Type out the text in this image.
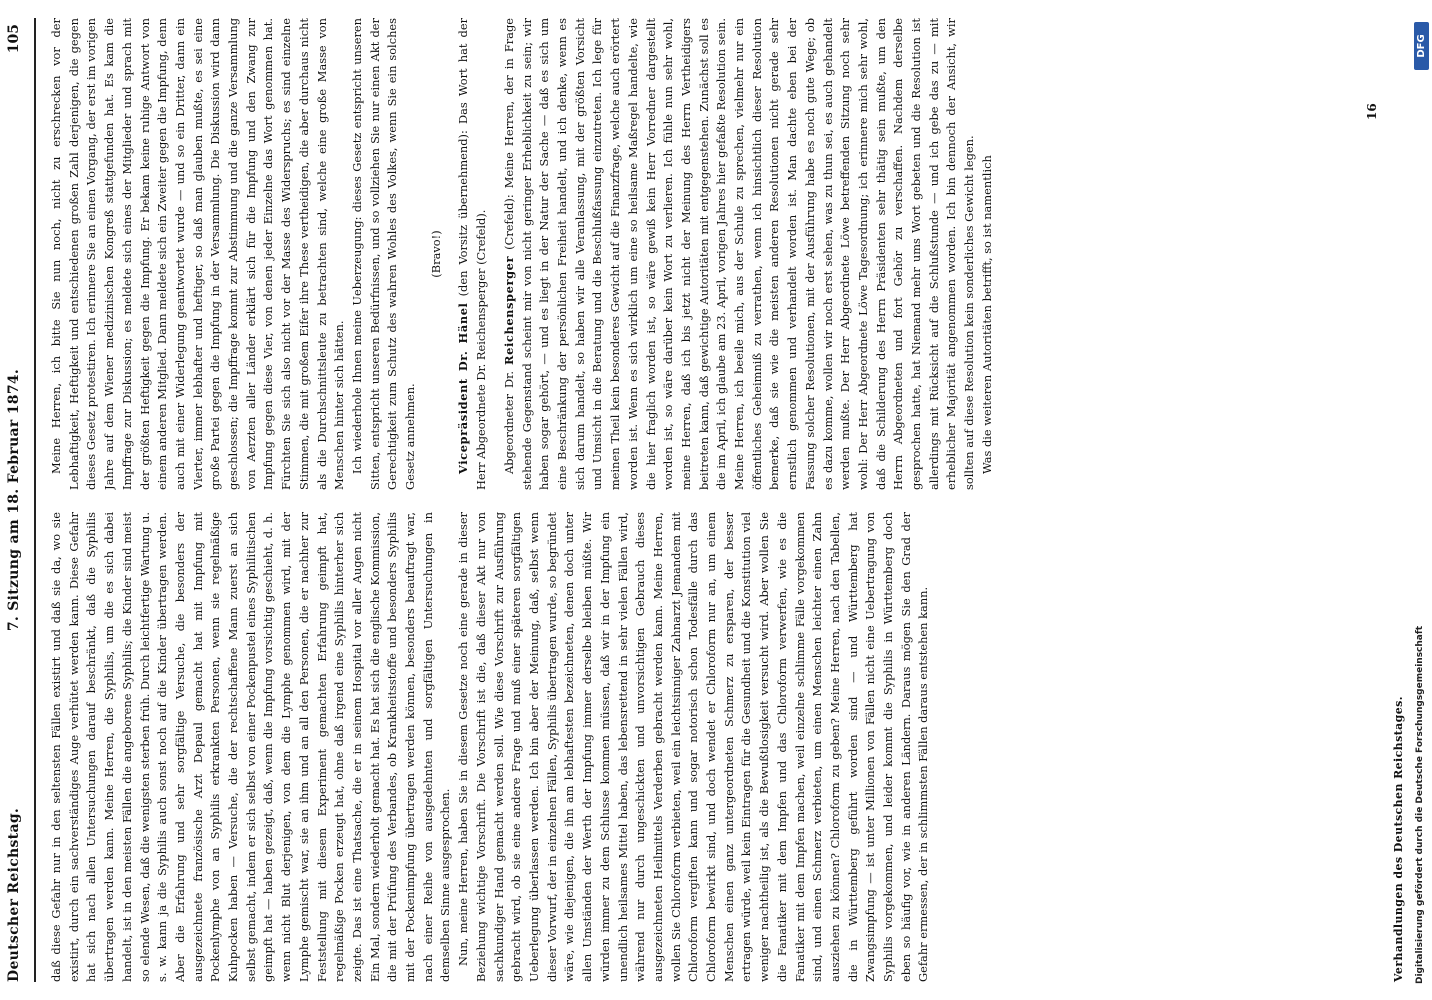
Deutscher Reichstag.
7. Sitzung am 18. Februar 1874.
105

daß diese Gefahr nur in den seltensten Fällen existirt und daß sie da, wo sie existirt, durch ein sachverständiges Auge verhütet werden kann. Diese Gefahr hat sich nach allen Untersuchungen darauf beschränkt, daß die Syphilis übertragen werden kann. Meine Herren, die Syphilis, um die es sich dabei handelt, ist in den meisten Fällen die angeborene Syphilis; die Kinder sind meist so elende Wesen, daß die wenigsten sterben früh. Durch leichtfertige Wartung u. s. w. kann ja die Syphilis auch sonst noch auf die Kinder übertragen werden. Aber die Erfahrung und sehr sorgfältige Versuche, die besonders der ausgezeichnete französische Arzt Depaul gemacht hat mit Impfung mit Pockenlymphe von an Syphilis erkrankten Personen, wenn sie regelmäßige Kuhpocken haben — Versuche, die der rechtschaffene Mann zuerst an sich selbst gemacht, indem er sich selbst von einer Pockenpustel eines Syphilitischen geimpft hat — haben gezeigt, daß, wenn die Impfung vorsichtig geschieht, d. h. wenn nicht Blut derjenigen, von dem die Lymphe genommen wird, mit der Lymphe gemischt war, sie an ihm und an all den Personen, die er nachher zur Feststellung mit diesem Experiment gemachten Erfahrung geimpft hat, regelmäßige Pocken erzeugt hat, ohne daß irgend eine Syphilis hinterher sich zeigte. Das ist eine Thatsache, die er in seinem Hospital vor aller Augen nicht Ein Mal, sondern wiederholt gemacht hat. Es hat sich die englische Kommission, die mit der Prüfung des Verbandes, ob Krankheitsstoffe und besonders Syphilis mit der Pockenimpfung übertragen werden können, besonders beauftragt war, nach einer Reihe von ausgedehnten und sorgfältigen Untersuchungen in demselben Sinne ausgesprochen. Nun, meine Herren, haben Sie in diesem Gesetze noch eine gerade in dieser Beziehung wichtige Vorschrift. Die Vorschrift ist die, daß dieser Akt nur von sachkundiger Hand gemacht werden soll. Wie diese Vorschrift zur Ausführung gebracht wird, ob sie eine andere Frage und muß einer späteren sorgfältigen Ueberlegung überlassen werden. Ich bin aber der Meinung, daß, selbst wenn dieser Vorwurf, der in einzelnen Fällen, Syphilis übertragen wurde, so begründet wäre, wie diejenigen, die ihn am lebhaftesten bezeichneten, denen doch unter allen Umständen der Werth der Impfung immer derselbe bleiben müßte. Wir würden immer zu dem Schlusse kommen müssen, daß wir in der Impfung ein unendlich heilsames Mittel haben, das lebensrettend in sehr vielen Fällen wird, während nur durch ungeschickten und unvorsichtigen Gebrauch dieses ausgezeichneten Heilmittels Verderben gebracht werden kann. Meine Herren, wollen Sie Chloroform verbieten, weil ein leichtsinniger Zahnarzt Jemandem mit Chloroform vergiften kann und sogar notorisch schon Todesfälle durch das Chloroform bewirkt sind, und doch wendet er Chloroform nur an, um einem Menschen einen ganz untergeordneten Schmerz zu ersparen, der besser ertragen würde, weil kein Eintragen für die Gesundheit und die Konstitution viel weniger nachtheilig ist, als die Bewußtlosigkeit versucht wird. Aber wollen Sie die Fanatiker mit dem Impfen und das Chloroform verwerfen, wie es die Fanatiker mit dem Impfen machen, weil einzelne schlimme Fälle vorgekommen sind, und einen Schmerz verbieten, um einen Menschen leichter einen Zahn ausziehen zu können? Chloroform zu geben? Meine Herren, nach den Tabellen, die in Württemberg geführt worden sind — und Württemberg hat Zwangsimpfung — ist unter Millionen von Fällen nicht eine Uebertragung von Syphilis vorgekommen, und leider kommt die Syphilis in Württemberg doch eben so häufig vor, wie in anderen Ländern. Daraus mögen Sie den Grad der Gefahr ermessen, der in schlimmsten Fällen daraus entstehen kann.	Verhandlungen des Deutschen Reichstages.

Meine Herren, ich bitte Sie nun noch, nicht zu erschrecken vor der Lebhaftigkeit, Heftigkeit und entschiedenen großen Zahl derjenigen, die gegen dieses Gesetz protestiren. Ich erinnere Sie an einen Vorgang, der erst im vorigen Jahre auf dem Wiener medizinischen Kongreß stattgefunden hat. Es kam die Impffrage zur Diskussion; es meldete sich eines der Mitglieder und sprach mit der größten Heftigkeit gegen die Impfung. Er bekam keine ruhige Antwort von einem anderen Mitglied. Dann meldete sich ein Zweiter gegen die Impfung, denn auch mit einer Widerlegung geantwortet wurde — und so ein Dritter, dann ein Vierter, immer lebhafter und heftiger, so daß man glauben mußte, es sei eine große Partei gegen die Impfung in der Versammlung. Die Diskussion wird dann geschlossen; die Impffrage kommt zur Abstimmung und die ganze Versammlung von Aerzten aller Länder erklärt sich für die Impfung und den Zwang zur Impfung gegen diese Vier, von denen jeder Einzelne das Wort genommen hat. Fürchten Sie sich also nicht vor der Masse des Widerspruchs; es sind einzelne Stimmen, die mit großem Eifer ihre These vertheidigen, die aber durchaus nicht als die Durchschnittsleute zu betrachten sind, welche eine große Masse von Menschen hinter sich hätten. Ich wiederhole Ihnen meine Ueberzeugung: dieses Gesetz entspricht unseren Sitten, entspricht unseren Bedürfnissen, und so vollziehen Sie nur einen Akt der Gerechtigkeit zum Schutz des wahren Wohles des Volkes, wenn Sie ein solches Gesetz annehmen.

(Bravo!)

Vicepräsident Dr. Hänel (den Vorsitz übernehmend): Das Wort hat der Herr Abgeordnete Dr. Reichensperger (Crefeld). Abgeordneter Dr. Reichensperger (Crefeld): Meine Herren, der in Frage stehende Gegenstand scheint mir von nicht geringer Erheblichkeit zu sein; wir haben sogar gehört, — und es liegt in der Natur der Sache — daß es sich um eine Beschränkung der persönlichen Freiheit handelt, und ich denke, wenn es sich darum handelt, so haben wir alle Veranlassung, mit der größten Vorsicht und Umsicht in die Beratung und die Beschlußfassung einzutreten. Ich lege für meinen Theil kein besonderes Gewicht auf die Finanzfrage, welche auch erörtert worden ist. Wenn es sich wirklich um eine so heilsame Maßregel handelte, wie die hier fraglich worden ist, so wäre gewiß kein Herr Vorredner dargestellt worden ist, so wäre darüber kein Wort zu verlieren. Ich fühle nun sehr wohl, meine Herren, daß ich bis jetzt nicht der Meinung des Herrn Vertheidigers beitreten kann, daß gewichtige Autoritäten mit entgegenstehen. Zunächst soll es die im April, ich glaube am 23. April, vorigen Jahres hier gefaßte Resolution sein. Meine Herren, ich beeile mich, aus der Schule zu sprechen, vielmehr nur ein öffentliches Geheimniß zu verrathen, wenn ich hinsichtlich dieser Resolution bemerke, daß sie wie die meisten anderen Resolutionen nicht gerade sehr ernstlich genommen und verhandelt worden ist. Man dachte eben bei der Fassung solcher Resolutionen, mit der Ausführung habe es noch gute Wege; ob es dazu komme, wollen wir noch erst sehen, was zu thun sei, es auch gehandelt werden mußte. Der Herr Abgeordnete Löwe betreffenden Sitzung noch sehr wohl: Der Herr Abgeordnete Löwe Tagesordnung; ich erinnere mich sehr wohl, daß die Schilderung des Herrn Präsidenten sehr thätig sein mußte, um den Herrn Abgeordneten und fort Gehör zu verschaffen. Nachdem derselbe gesprochen hatte, hat Niemand mehr ums Wort gebeten und die Resolution ist allerdings mit Rücksicht auf die Schlußstunde — und ich gebe das zu — mit erheblicher Majorität angenommen worden. Ich bin dennoch der Ansicht, wir sollten auf diese Resolution kein sonderliches Gewicht legen. Was die weiteren Autoritäten betrifft, so ist namentlich

16
Digitalisierung gefördert durch die Deutsche Forschungsgemeinschaft
DFG
